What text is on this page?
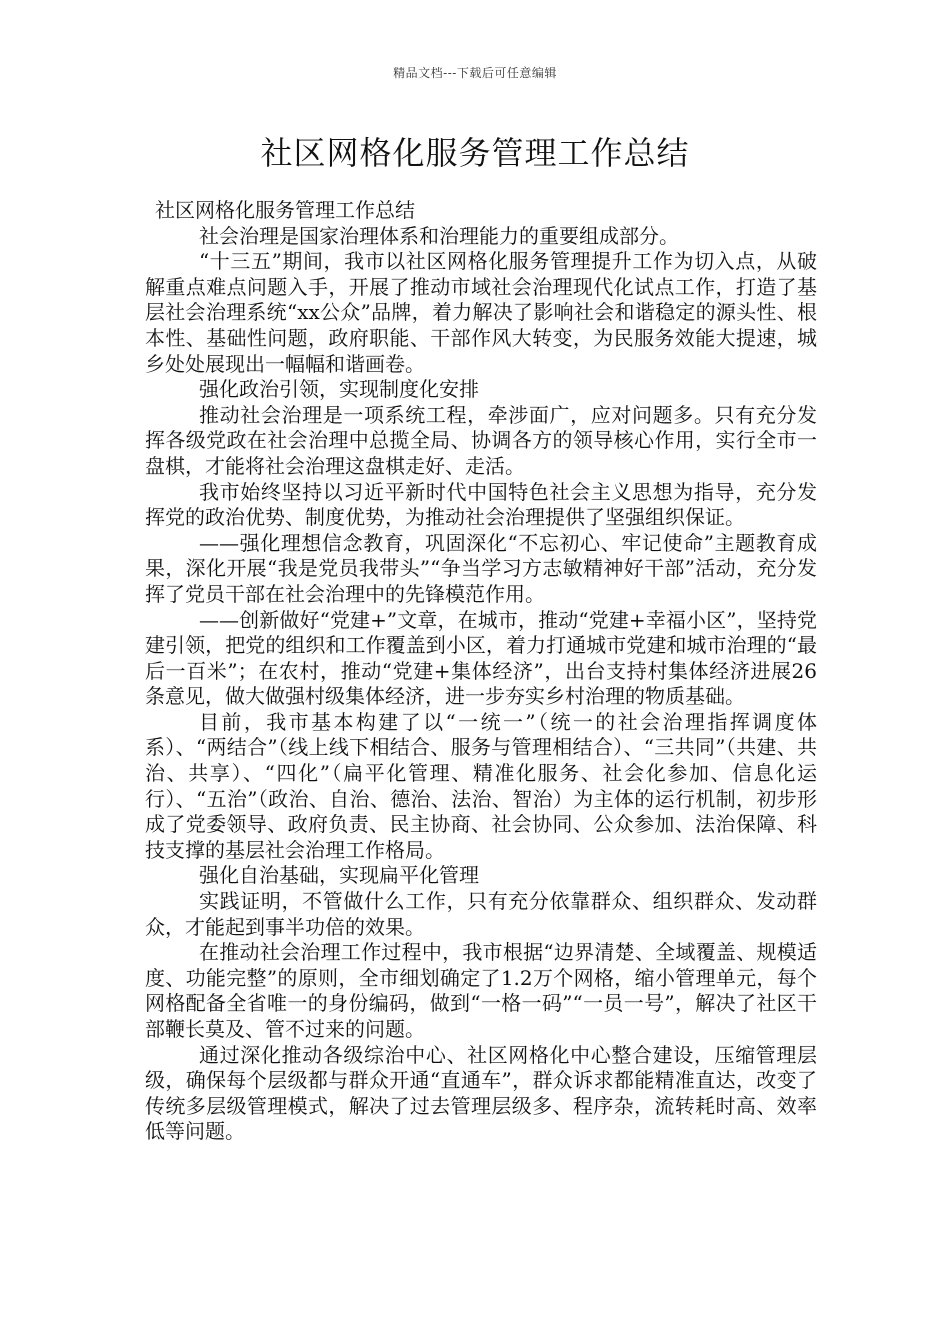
精品文档---下载后可任意编辑
社区网格化服务管理工作总结

社区网格化服务管理工作总结

社会治理是国家治理体系和治理能力的重要组成部分。

“十三五”期间，我市以社区网格化服务管理提升工作为切入点，从破解重点难点问题入手，开展了推动市域社会治理现代化试点工作，打造了基层社会治理系统“xx公众”品牌，着力解决了影响社会和谐稳定的源头性、根本性、基础性问题，政府职能、干部作风大转变，为民服务效能大提速，城乡处处展现出一幅幅和谐画卷。

强化政治引领，实现制度化安排

推动社会治理是一项系统工程，牵涉面广，应对问题多。只有充分发挥各级党政在社会治理中总揽全局、协调各方的领导核心作用，实行全市一盘棋，才能将社会治理这盘棋走好、走活。

我市始终坚持以习近平新时代中国特色社会主义思想为指导，充分发挥党的政治优势、制度优势，为推动社会治理提供了坚强组织保证。

——强化理想信念教育，巩固深化“不忘初心、牢记使命”主题教育成果，深化开展“我是党员我带头”“争当学习方志敏精神好干部”活动，充分发挥了党员干部在社会治理中的先锋模范作用。

——创新做好“党建+”文章，在城市，推动“党建+幸福小区”，坚持党建引领，把党的组织和工作覆盖到小区，着力打通城市党建和城市治理的“最后一百米”；在农村，推动“党建+集体经济”，出台支持村集体经济进展26条意见，做大做强村级集体经济，进一步夯实乡村治理的物质基础。

目前，我市基本构建了以“一统一”（统一的社会治理指挥调度体系）、“两结合”（线上线下相结合、服务与管理相结合）、“三共同”（共建、共治、共享）、“四化”（扁平化管理、精准化服务、社会化参加、信息化运行）、“五治”（政治、自治、德治、法治、智治）为主体的运行机制，初步形成了党委领导、政府负责、民主协商、社会协同、公众参加、法治保障、科技支撑的基层社会治理工作格局。

强化自治基础，实现扁平化管理

实践证明，不管做什么工作，只有充分依靠群众、组织群众、发动群众，才能起到事半功倍的效果。

在推动社会治理工作过程中，我市根据“边界清楚、全域覆盖、规模适度、功能完整”的原则，全市细划确定了1.2万个网格，缩小管理单元，每个网格配备全省唯一的身份编码，做到“一格一码”“一员一号”，解决了社区干部鞭长莫及、管不过来的问题。

通过深化推动各级综治中心、社区网格化中心整合建设，压缩管理层级，确保每个层级都与群众开通“直通车”，群众诉求都能精准直达，改变了传统多层级管理模式，解决了过去管理层级多、程序杂，流转耗时高、效率低等问题。
